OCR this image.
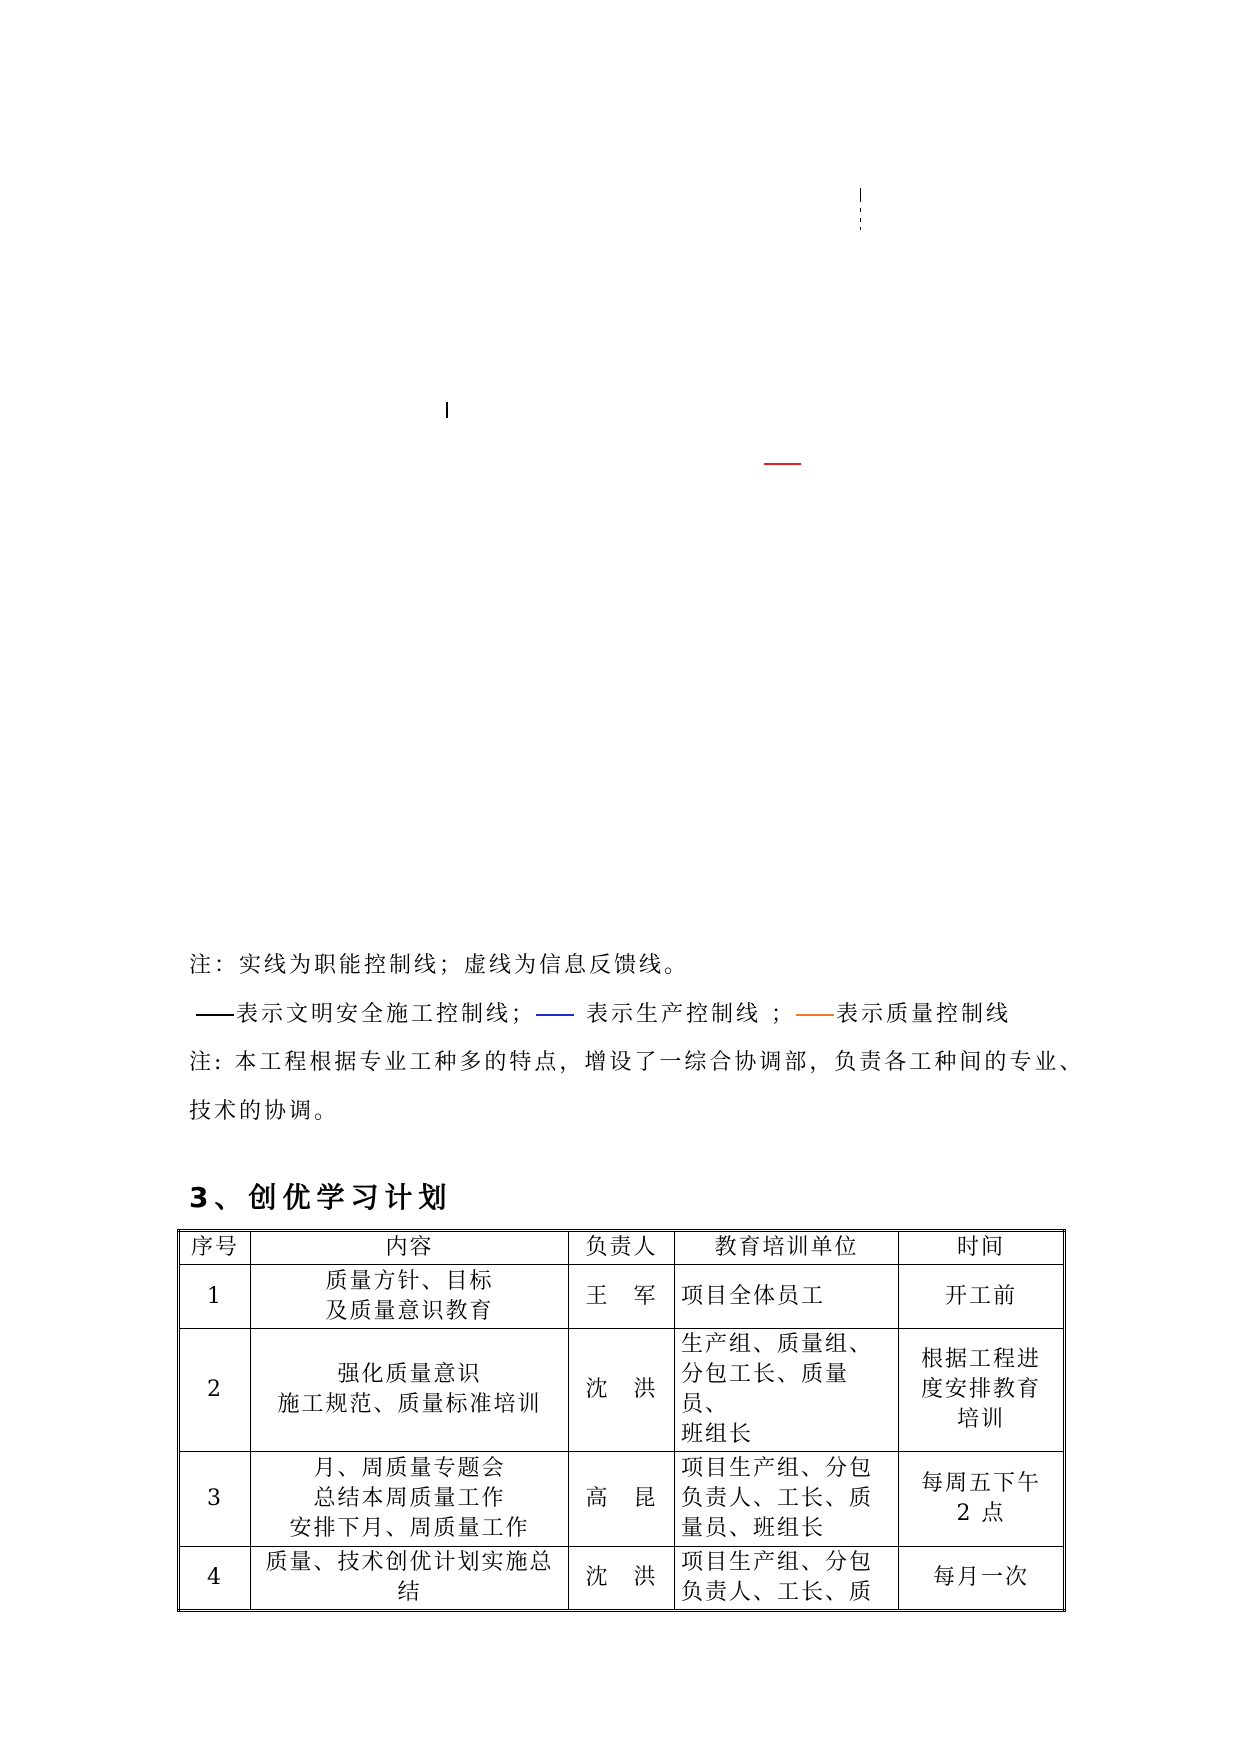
注：实线为职能控制线；虚线为信息反馈线。
表示文明安全施工控制线； 表示生产控制线 ； 表示质量控制线
注: 本工程根据专业工种多的特点，增设了一综合协调部，负责各工种间的专业、
技术的协调。
3、创优学习计划
序号	内容	负责人	教育培训单位	时间
1	质量方针、目标
及质量意识教育	王　军	项目全体员工	开工前

2	强化质量意识
施工规范、质量标准培训	沈　洪	生产组、质量组、
分包工长、质量员、
班组长	根据工程进
度安排教育
培训

3	月、周质量专题会
总结本周质量工作
安排下月、周质量工作	高　昆	项目生产组、分包
负责人、工长、质
量员、班组长	每周五下午
2 点

4	质量、技术创优计划实施总
结	沈　洪	项目生产组、分包
负责人、工长、质	每月一次
